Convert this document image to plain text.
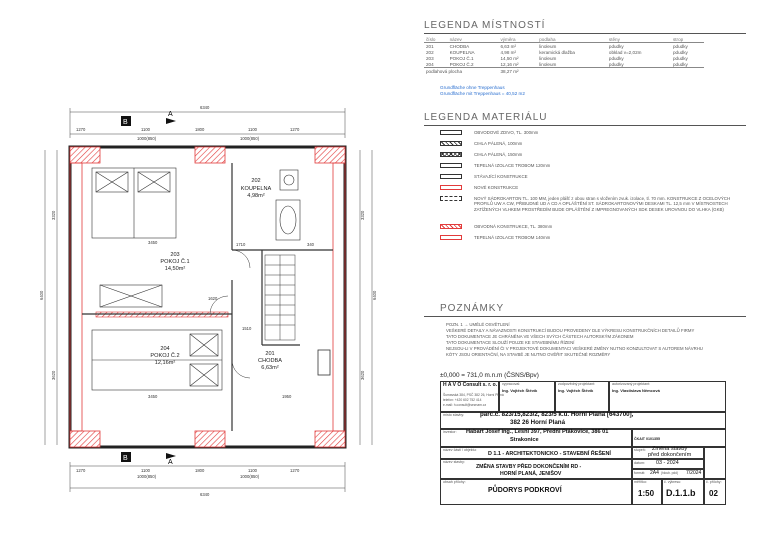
6340
1270	1100	1800	1100	1270
1000(850)	1000(850)
B
A
B
A
6400
3320
3620
6400
3320
3620
3450
3450	1950
1710	340
1620
1510
202
KOUPELNA
4,98m²
203
POKOJ Č.1
14,50m²
204
POKOJ Č.2
12,16m²
201
CHODBA
6,63m²
1270	1100	1800	1100	1270
1000(850)	1000(850)
6340
LEGENDA MÍSTNOSTÍ
číslo	název	výměra	podlaha	stěny	strop
201	CHODBA	6,63 m²	linoleum	pdudky	pdudky
202	KOUPELNA	4,98 m²	keramická dlažba	obklad v=2,02m	pdudky
203	POKOJ Č.1	14,50 m²	linoleum	pdudky	pdudky
204	POKOJ Č.2	12,16 m²	linoleum	pdudky	pdudky
podlahová plocha		38,27 m²			
Grundfläche ohne Treppenhaus
Grundfläche mit Treppenhaus = 40,52 m2
LEGENDA MATERIÁLU
OBVODOVÉ ZDIVO, TL. 300mm
CIHLA PÁLENÁ, 100mm
CIHLA PÁLENÁ, 150mm
TEPELNÁ IZOLACE TROBOM 120mm
STÁVAJÍCÍ KONSTRUKCE
NOVÉ KONSTRUKCE
NOVÝ SÁDROKARTON TL. 100 MM, jeden plášť z obou stran s vložením zvuk. izolace, tl. 70 mm. KONSTRUKCE Z OCELOVÝCH PROFILŮ UW A CW, PŘIBUDNÉ UD A CD A OPLÁŠTĚNÍ ST. SÁDROKARTONOVÝMI DESKAMI TL. 12,5 mm V MÍSTNOSTECH ZATÍŽENÝCH VLHKEM PROSTŘEDÍM BUDE OPLÁŠTĚNÍ Z IMPREGNOVANÝCH SDK DESEK UROVNOU DO VLHKA (GKB)
OBVODNÁ KONSTRUKCE, TL. 380mm
TEPELNÁ IZOLACE TROBOM 140mm
POZNÁMKY
POZN. 1 → UMĚLÉ OSVĚTLENÍ
VEŠKERÉ DETAILY A NÁVAZNOSTI KONSTRUKCÍ BUDOU PROVEDENY DLE VÝKRESU KONSTRUKČNÍCH DETAILŮ FIRMY
TATO DOKUMENTACE JE CHRÁNĚNA VE VŠECH SVÝCH ČÁSTECH AUTORSKÝM ZÁKONEM
TATO DOKUMENTACE SLOUŽÍ POUZE KE STAVEBNÍMU ŘÍZENÍ
NEJSOU-LI V PROVÁDĚNÍ ČI V PROJEKTOVÉ DOKUMENTACI VEŠKERÉ ZMĚNY NUTNO KONZULTOVAT S AUTOREM NÁVRHU
KÓTY JSOU ORIENTAČNÍ, NA STAVBĚ JE NUTNO OVĚŘIT SKUTEČNÉ ROZMĚRY
±0,000 = 731,0 m.n.m (ČSNS/Bpv)
H A V O Consult s. r. o.
Šumavská 384, PSČ 382 26, Horní Planá
telefon: +420 602 752 414
e-mail: h.consult@seznam.cz
vypracoval:
Ing. Vojtěch Štěvík
zodpovědný projektant:
Ing. Vojtěch Štěvík
autorizovaný projektant:
Ing. Vlastislava Němcová
místo stavby:	parc.č. 823/15,823/2, 823/5 k.ú. Horní Planá [643700],
382 26 Horní Planá
investor: Habart Josef Ing., Lesní 397, Přední Ptákovice, 386 01
Strakonice	ČKAIT 0101355
název části / objektu:
D 1.1 - ARCHITEKTONICKO - STAVEBNÍ ŘEŠENÍ
stupeň: Změna stavby
před dokončením
název stavby:
ZMĚNA STAVBY PŘED DOKONČENÍM RD -
HORNÍ PLANÁ, JENIŠOV
datum: 03 - 2024
formát: 2A4 (hloub. pdd) 7/2024
obsah přílohy:
PŮDORYS PODKROVÍ
měřítko:
1:50
č. výkresu:
D.1.1.b
č. přílohy:
02
